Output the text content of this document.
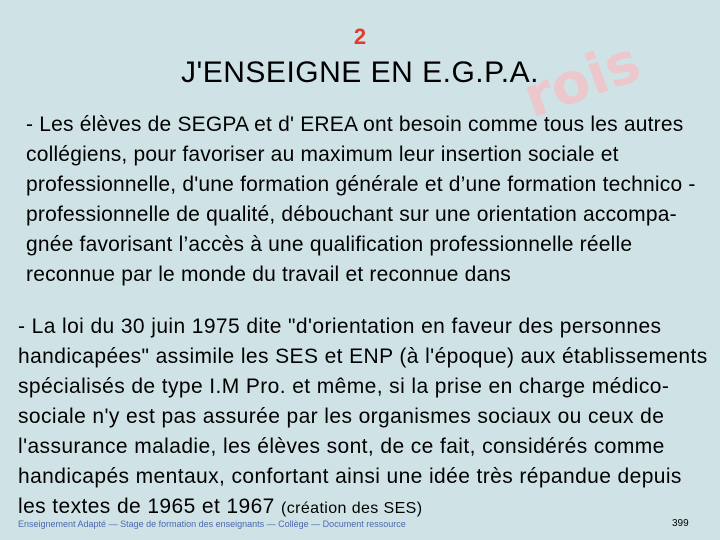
rois
2
J'ENSEIGNE EN E.G.P.A.
- Les élèves de SEGPA et d' EREA ont besoin comme tous les autres collégiens, pour favoriser au maximum leur insertion sociale et professionnelle, d'une formation générale et d’une formation technico - professionnelle de qualité, débouchant sur une orientation accompa-gnée favorisant l’accès à une qualification professionnelle réelle reconnue par le monde du travail et reconnue dans
- La loi du 30 juin 1975 dite "d'orientation en faveur des personnes handicapées" assimile les SES et ENP (à l'époque) aux établissements spécialisés de type I.M Pro. et même, si la prise en charge médico-sociale n'y est pas assurée par les organismes sociaux ou ceux de l'assurance maladie, les élèves sont, de ce fait, considérés comme handicapés mentaux, confortant ainsi une idée très répandue depuis les textes de 1965 et 1967 (création des SES)
Enseignement Adapté — Stage de formation des enseignants — Collège — Document ressource	399
